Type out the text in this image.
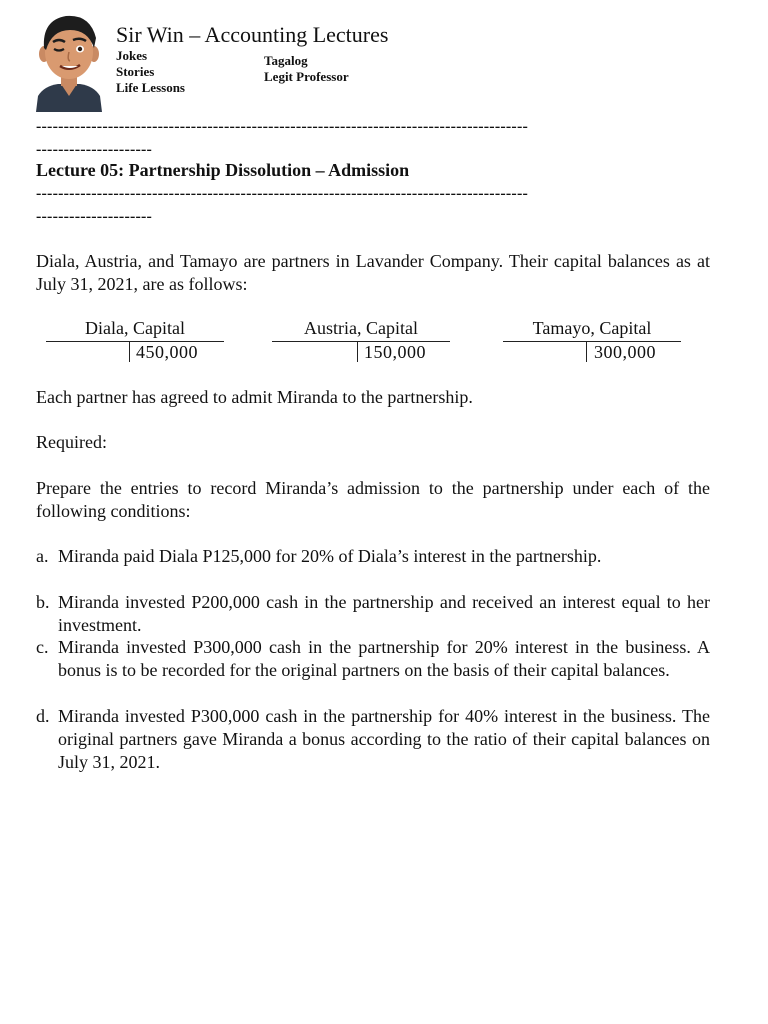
Sir Win – Accounting Lectures
Jokes
Stories
Life Lessons
Tagalog
Legit Professor
-----------------------------------------------------------------------------------------
---------------------
Lecture 05: Partnership Dissolution – Admission
-----------------------------------------------------------------------------------------
---------------------
Diala, Austria, and Tamayo are partners in Lavander Company. Their capital balances as at July 31, 2021, are as follows:
Diala, Capital
450,000
Austria, Capital
150,000
Tamayo, Capital
300,000
Each partner has agreed to admit Miranda to the partnership.
Required:
Prepare the entries to record Miranda’s admission to the partnership under each of the following conditions:
a. Miranda paid Diala P125,000 for 20% of Diala’s interest in the partnership.
b. Miranda invested P200,000 cash in the partnership and received an interest equal to her investment.
c. Miranda invested P300,000 cash in the partnership for 20% interest in the business. A bonus is to be recorded for the original partners on the basis of their capital balances.
d. Miranda invested P300,000 cash in the partnership for 40% interest in the business. The original partners gave Miranda a bonus according to the ratio of their capital balances on July 31, 2021.
